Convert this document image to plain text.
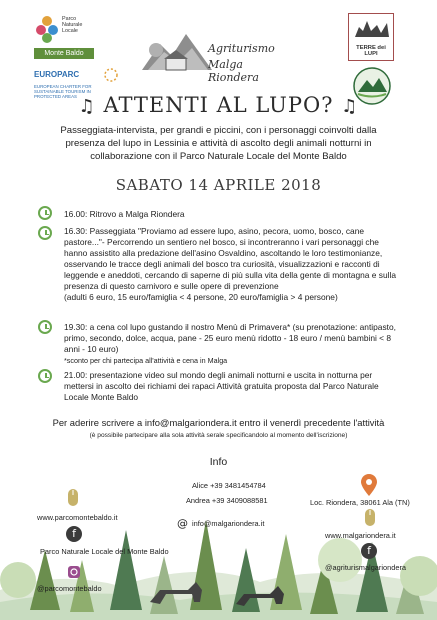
Parco
Naturale
Locale
Monte Baldo
EUROPARC
EUROPEAN CHARTER FOR SUSTAINABLE TOURISM IN PROTECTED AREAS
Agriturismo
Malga Riondera
TERRE dei LUPI
♫ ATTENTI AL LUPO? ♫
Passeggiata-intervista, per grandi e piccini, con i personaggi coinvolti dalla presenza del lupo in Lessinia e attività di ascolto degli animali notturni in collaborazione con il Parco Naturale Locale del Monte Baldo
SABATO 14 APRILE 2018
16.00: Ritrovo a Malga Riondera
16.30: Passeggiata "Proviamo ad essere lupo, asino, pecora, uomo, bosco, cane pastore..."- Percorrendo un sentiero nel bosco, si incontreranno i vari personaggi che hanno assistito alla predazione dell'asino Osvaldino, ascoltando le loro testimonianze, osservando le tracce degli animali del bosco tra curiosità, visualizzazioni e racconti di leggende e aneddoti, cercando di saperne di più sulla vita della gente di montagna e sulla presenza di questo carnivoro e sulle opere di prevenzione
(adulti 6 euro, 15 euro/famiglia < 4 persone, 20 euro/famiglia > 4 persone)
19.30: a cena col lupo gustando il nostro Menù di Primavera* (su prenotazione: antipasto, primo, secondo, dolce, acqua, pane - 25 euro menù ridotto - 18 euro / menù bambini < 8 anni - 10 euro)
*sconto per chi partecipa all'attività e cena in Malga
21.00: presentazione video sul mondo degli animali notturni e uscita in notturna per mettersi in ascolto dei richiami dei rapaci Attività gratuita proposta dal Parco Naturale Locale Monte Baldo
Per aderire scrivere a info@malgariondera.it entro il venerdì precedente l'attività
(è possibile partecipare alla sola attività serale specificandolo al momento dell'iscrizione)
Info
Alice +39 3481454784
Andrea +39 3409088581	Loc. Riondera, 38061 Ala (TN)
www.parcomontebaldo.it
f
Parco Naturale Locale del Monte Baldo
@parcomontebaldo
@ info@malgariondera.it
www.malgariondera.it
f
@agriturismalgariondera
